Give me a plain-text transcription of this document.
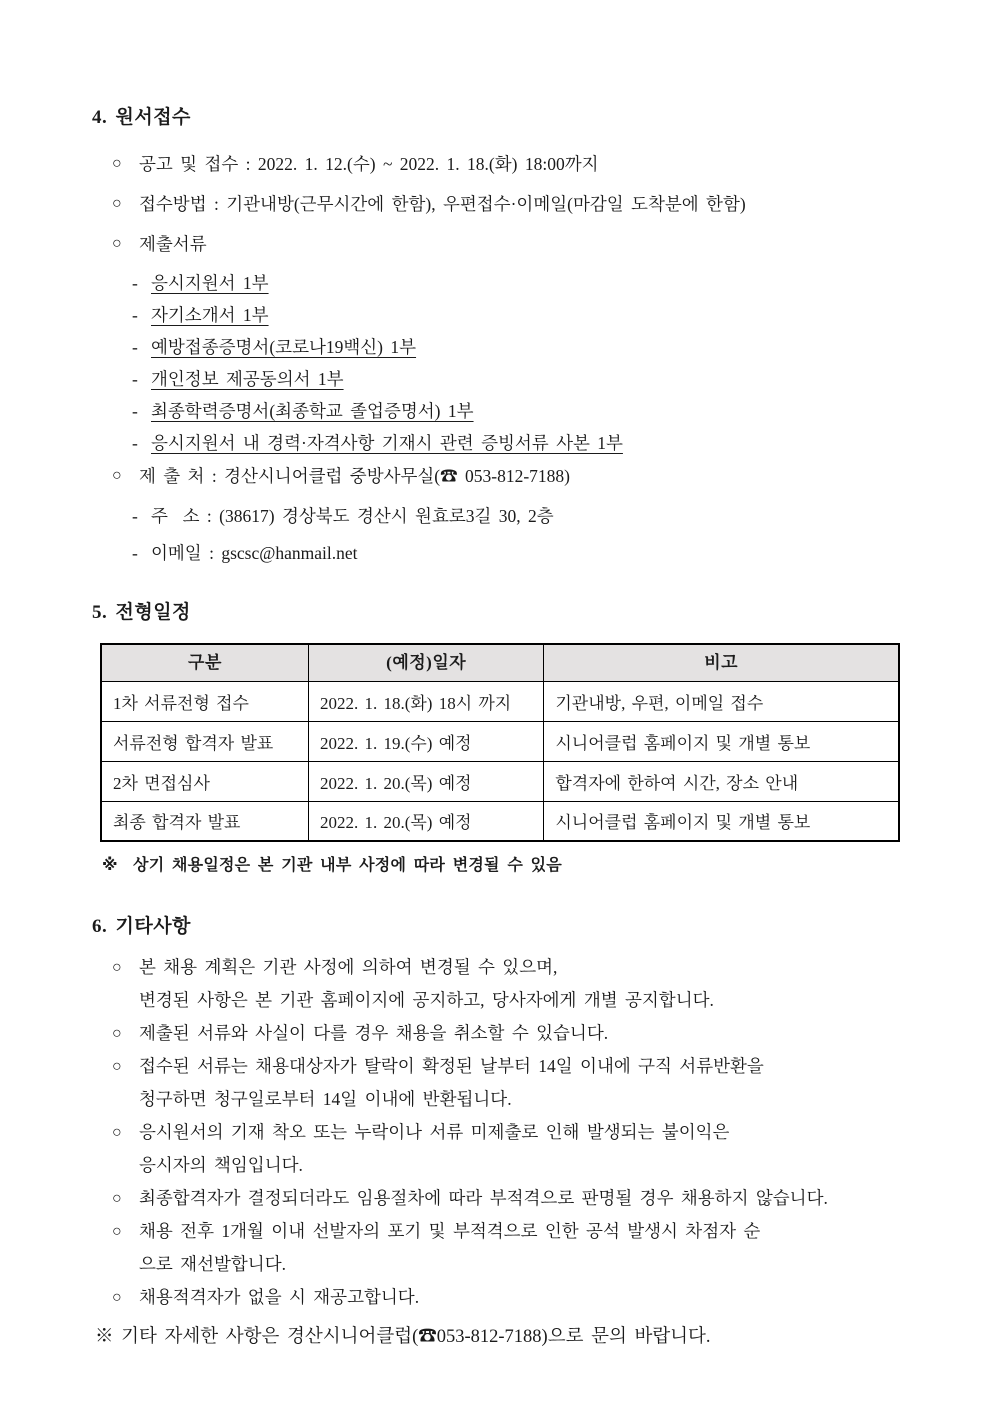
4. 원서접수
○ 공고 및 접수 : 2022. 1. 12.(수) ~ 2022. 1. 18.(화) 18:00까지
○ 접수방법 : 기관내방(근무시간에 한함), 우편접수·이메일(마감일 도착분에 한함)
○ 제출서류
- 응시지원서 1부
- 자기소개서 1부
- 예방접종증명서(코로나19백신) 1부
- 개인정보 제공동의서 1부
- 최종학력증명서(최종학교 졸업증명서) 1부
- 응시지원서 내 경력·자격사항 기재시 관련 증빙서류 사본 1부
○ 제 출 처 : 경산시니어클럽 중방사무실(☎ 053-812-7188)
- 주  소 : (38617) 경상북도 경산시 원효로3길 30, 2층
- 이메일 : gscsc@hanmail.net
5. 전형일정
구분	(예정)일자	비고
1차 서류전형 접수	2022. 1. 18.(화) 18시 까지	기관내방, 우편, 이메일 접수
서류전형 합격자 발표	2022. 1. 19.(수) 예정	시니어클럽 홈페이지 및 개별 통보
2차 면접심사	2022. 1. 20.(목) 예정	합격자에 한하여 시간, 장소 안내
최종 합격자 발표	2022. 1. 20.(목) 예정	시니어클럽 홈페이지 및 개별 통보
※  상기 채용일정은 본 기관 내부 사정에 따라 변경될 수 있음
6. 기타사항
○ 본 채용 계획은 기관 사정에 의하여 변경될 수 있으며,
변경된 사항은 본 기관 홈페이지에 공지하고, 당사자에게 개별 공지합니다.
○ 제출된 서류와 사실이 다를 경우 채용을 취소할 수 있습니다.
○ 접수된 서류는 채용대상자가 탈락이 확정된 날부터 14일 이내에 구직 서류반환을
청구하면 청구일로부터 14일 이내에 반환됩니다.
○ 응시원서의 기재 착오 또는 누락이나 서류 미제출로 인해 발생되는 불이익은
응시자의 책임입니다.
○ 최종합격자가 결정되더라도 임용절차에 따라 부적격으로 판명될 경우 채용하지 않습니다.
○ 채용 전후 1개월 이내 선발자의 포기 및 부적격으로 인한 공석 발생시 차점자 순
으로 재선발합니다.
○ 채용적격자가 없을 시 재공고합니다.
※ 기타 자세한 사항은 경산시니어클럽(☎053-812-7188)으로 문의 바랍니다.
